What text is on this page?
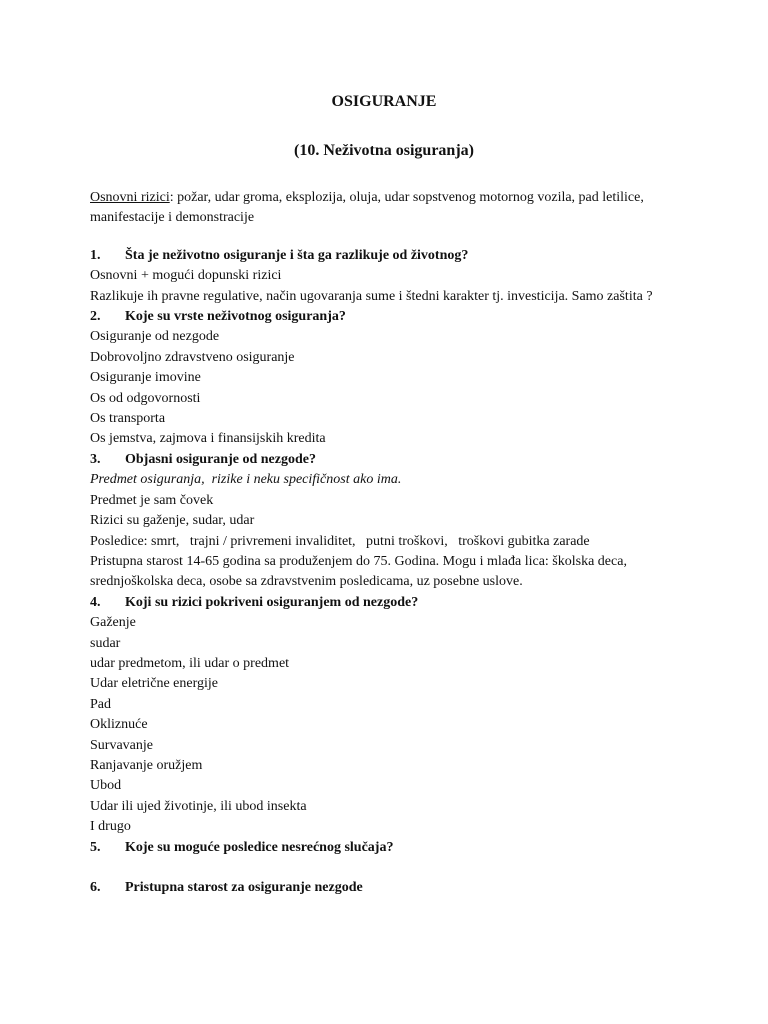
OSIGURANJE
(10. Neživotna osiguranja)
Osnovni rizici: požar, udar groma, eksplozija, oluja, udar sopstvenog motornog vozila, pad letilice, manifestacije i demonstracije
1.	Šta je neživotno osiguranje i šta ga razlikuje od životnog?
Osnovni + mogući dopunski rizici
Razlikuje ih pravne regulative, način ugovaranja sume i štedni karakter tj. investicija. Samo zaštita ?
2.	Koje su vrste neživotnog osiguranja?
Osiguranje od nezgode
Dobrovoljno zdravstveno osiguranje
Osiguranje imovine
Os od odgovornosti
Os transporta
Os jemstva, zajmova i finansijskih kredita
3.	Objasni osiguranje od nezgode?
Predmet osiguranja,  rizike i neku specifičnost ako ima.
Predmet je sam čovek
Rizici su gaženje, sudar, udar
Posledice: smrt,   trajni / privremeni invaliditet,   putni troškovi,   troškovi gubitka zarade
Pristupna starost 14-65 godina sa produženjem do 75. Godina. Mogu i mlađa lica: školska deca, srednjoškolska deca, osobe sa zdravstvenim posledicama, uz posebne uslove.
4.	Koji su rizici pokriveni osiguranjem od nezgode?
Gaženje
sudar
udar predmetom, ili udar o predmet
Udar eletrične energije
Pad
Okliznuće
Survavanje
Ranjavanje oružjem
Ubod
Udar ili ujed životinje, ili ubod insekta
I drugo
5.	Koje su moguće posledice nesrećnog slučaja?
6.	Pristupna starost za osiguranje nezgode
